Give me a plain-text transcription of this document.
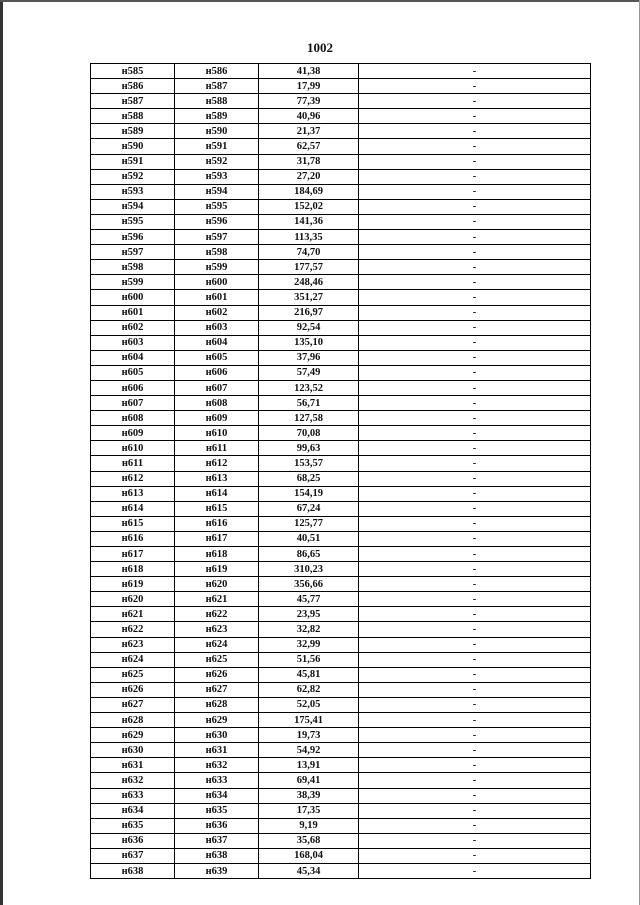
1002
н585	н586	41,38	-
н586	н587	17,99	-
н587	н588	77,39	-
н588	н589	40,96	-
н589	н590	21,37	-
н590	н591	62,57	-
н591	н592	31,78	-
н592	н593	27,20	-
н593	н594	184,69	-
н594	н595	152,02	-
н595	н596	141,36	-
н596	н597	113,35	-
н597	н598	74,70	-
н598	н599	177,57	-
н599	н600	248,46	-
н600	н601	351,27	-
н601	н602	216,97	-
н602	н603	92,54	-
н603	н604	135,10	-
н604	н605	37,96	-
н605	н606	57,49	-
н606	н607	123,52	-
н607	н608	56,71	-
н608	н609	127,58	-
н609	н610	70,08	-
н610	н611	99,63	-
н611	н612	153,57	-
н612	н613	68,25	-
н613	н614	154,19	-
н614	н615	67,24	-
н615	н616	125,77	-
н616	н617	40,51	-
н617	н618	86,65	-
н618	н619	310,23	-
н619	н620	356,66	-
н620	н621	45,77	-
н621	н622	23,95	-
н622	н623	32,82	-
н623	н624	32,99	-
н624	н625	51,56	-
н625	н626	45,81	-
н626	н627	62,82	-
н627	н628	52,05	-
н628	н629	175,41	-
н629	н630	19,73	-
н630	н631	54,92	-
н631	н632	13,91	-
н632	н633	69,41	-
н633	н634	38,39	-
н634	н635	17,35	-
н635	н636	9,19	-
н636	н637	35,68	-
н637	н638	168,04	-
н638	н639	45,34	-
